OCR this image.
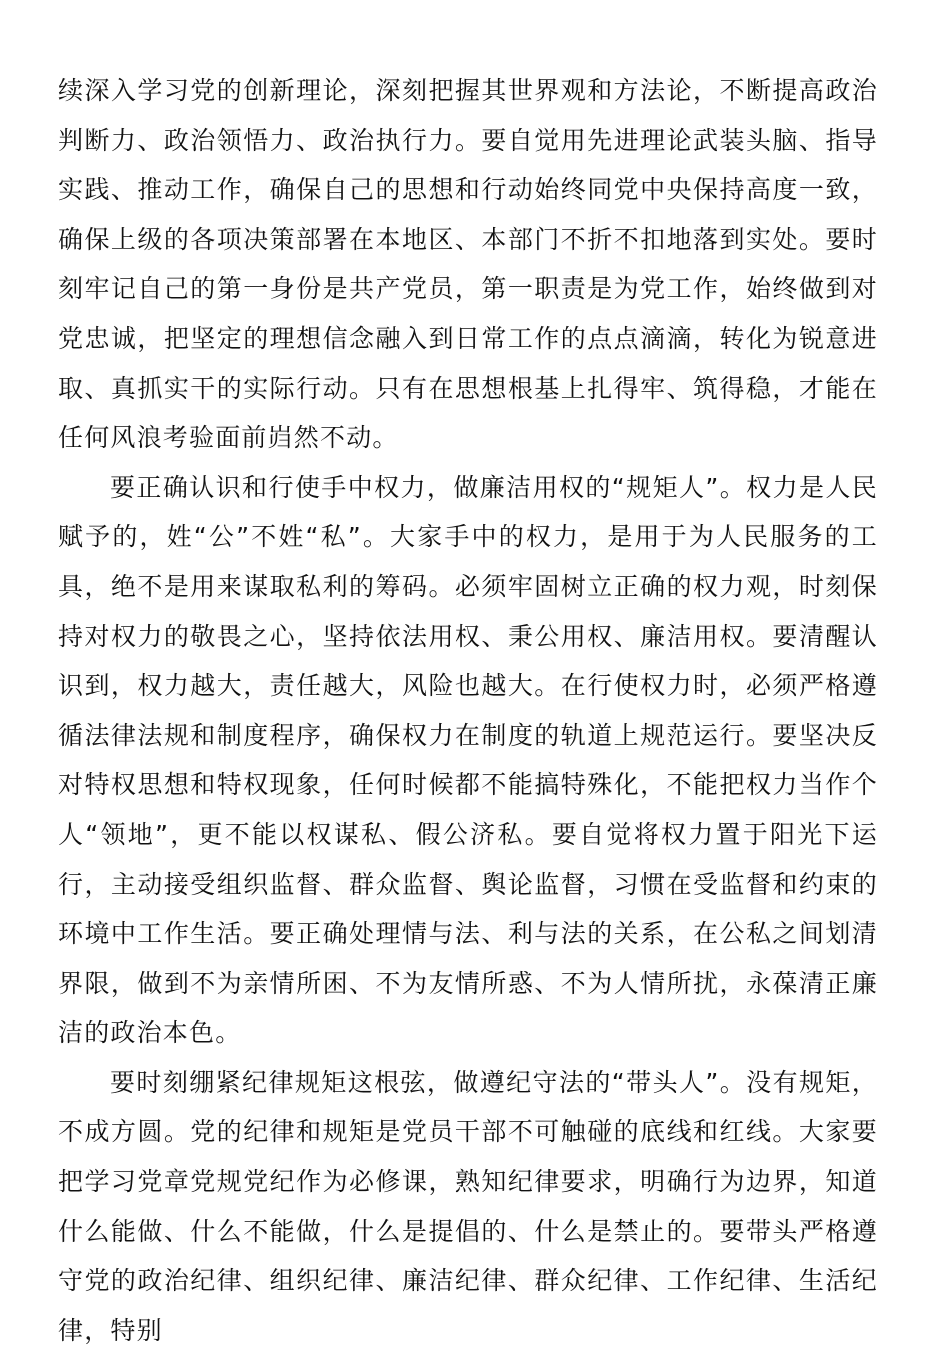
续深入学习党的创新理论，深刻把握其世界观和方法论，不断提高政治判断力、政治领悟力、政治执行力。要自觉用先进理论武装头脑、指导实践、推动工作，确保自己的思想和行动始终同党中央保持高度一致，确保上级的各项决策部署在本地区、本部门不折不扣地落到实处。要时刻牢记自己的第一身份是共产党员，第一职责是为党工作，始终做到对党忠诚，把坚定的理想信念融入到日常工作的点点滴滴，转化为锐意进取、真抓实干的实际行动。只有在思想根基上扎得牢、筑得稳，才能在任何风浪考验面前岿然不动。

要正确认识和行使手中权力，做廉洁用权的“规矩人”。权力是人民赋予的，姓“公”不姓“私”。大家手中的权力，是用于为人民服务的工具，绝不是用来谋取私利的筹码。必须牢固树立正确的权力观，时刻保持对权力的敬畏之心，坚持依法用权、秉公用权、廉洁用权。要清醒认识到，权力越大，责任越大，风险也越大。在行使权力时，必须严格遵循法律法规和制度程序，确保权力在制度的轨道上规范运行。要坚决反对特权思想和特权现象，任何时候都不能搞特殊化，不能把权力当作个人“领地”，更不能以权谋私、假公济私。要自觉将权力置于阳光下运行，主动接受组织监督、群众监督、舆论监督，习惯在受监督和约束的环境中工作生活。要正确处理情与法、利与法的关系，在公私之间划清界限，做到不为亲情所困、不为友情所惑、不为人情所扰，永葆清正廉洁的政治本色。

要时刻绷紧纪律规矩这根弦，做遵纪守法的“带头人”。没有规矩，不成方圆。党的纪律和规矩是党员干部不可触碰的底线和红线。大家要把学习党章党规党纪作为必修课，熟知纪律要求，明确行为边界，知道什么能做、什么不能做，什么是提倡的、什么是禁止的。要带头严格遵守党的政治纪律、组织纪律、廉洁纪律、群众纪律、工作纪律、生活纪律，特别
